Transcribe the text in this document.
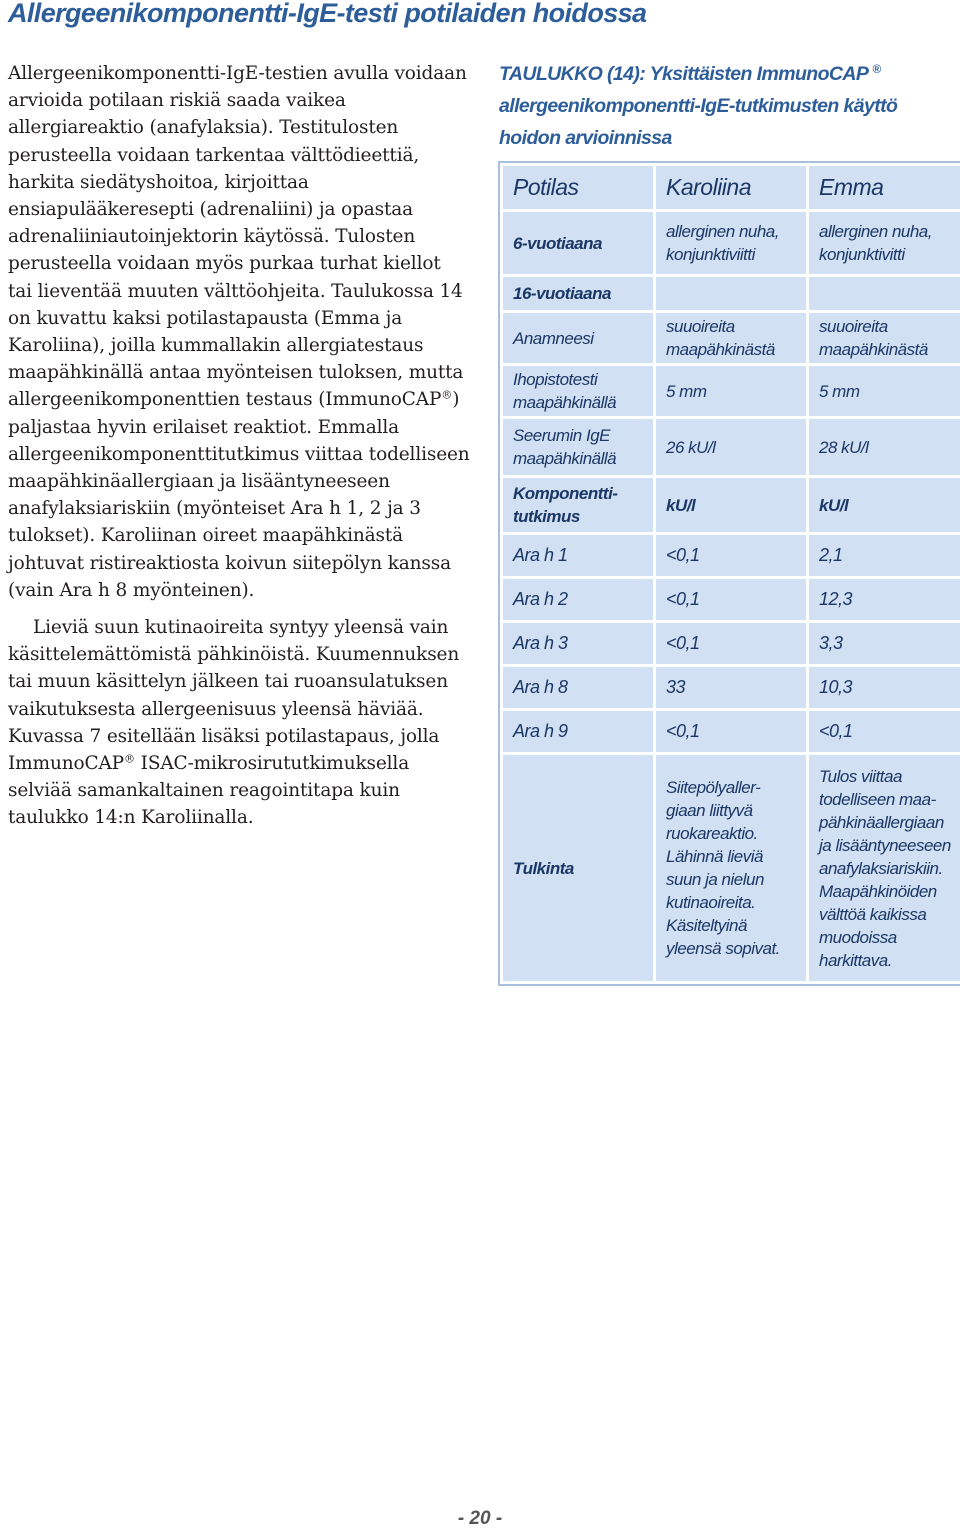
Allergeenikomponentti-IgE-testi potilaiden hoidossa

Allergeenikomponentti-IgE-testien avulla voidaan arvioida potilaan riskiä saada vaikea allergiareaktio (anafylaksia). Testitulosten perusteella voidaan tarkentaa välttödieettiä, harkita siedätyshoitoa, kirjoittaa ensiapulääkeresepti (adrenaliini) ja opastaa adrenaliiniautoinjektorin käytössä. Tulosten perusteella voidaan myös purkaa turhat kiellot tai lieventää muuten välttöohjeita. Taulukossa 14 on kuvattu kaksi potilastapausta (Emma ja Karoliina), joilla kummallakin allergiatestaus maapähkinällä antaa myönteisen tuloksen, mutta allergeenikomponenttien testaus (ImmunoCAP®) paljastaa hyvin erilaiset reaktiot. Emmalla allergeenikomponenttitutkimus viittaa todelliseen maapähkinäallergiaan ja lisääntyneeseen anafylaksiariskiin (myönteiset Ara h 1, 2 ja 3 tulokset). Karoliinan oireet maapähkinästä johtuvat ristireaktiosta koivun siitepölyn kanssa (vain Ara h 8 myönteinen).

Lieviä suun kutinaoireita syntyy yleensä vain käsittelemättömistä pähkinöistä. Kuumennuksen tai muun käsittelyn jälkeen tai ruoansulatuksen vaikutuksesta allergeenisuus yleensä häviää. Kuvassa 7 esitellään lisäksi potilastapaus, jolla ImmunoCAP® ISAC-mikrosirututkimuksella selviää samankaltainen reagointitapa kuin taulukko 14:n Karoliinalla.

TAULUKKO (14): Yksittäisten ImmunoCAP ® allergeenikomponentti-IgE-tutkimusten käyttö hoidon arvioinnissa

Potilas	Karoliina	Emma
6-vuotiaana	allerginen nuha, konjunktiviitti	allerginen nuha, konjunktivitti
16-vuotiaana		
Anamneesi	suuoireita maapähkinästä	suuoireita maapähkinästä
Ihopistotesti maapähkinällä	5 mm	5 mm
Seerumin IgE maapähkinällä	26 kU/l	28 kU/l
Komponentti-tutkimus	kU/l	kU/l
Ara h 1	<0,1	2,1
Ara h 2	<0,1	12,3
Ara h 3	<0,1	3,3
Ara h 8	33	10,3
Ara h 9	<0,1	<0,1
Tulkinta	Siitepölyaller-giaan liittyvä ruokareaktio. Lähinnä lieviä suun ja nielun kutinaoireita. Käsiteltyinä yleensä sopivat.	Tulos viittaa todelliseen maa-pähkinäallergiaan ja lisääntyneeseen anafylaksiariskiin. Maapähkinöiden välttöä kaikissa muodoissa harkittava.
- 20 -
